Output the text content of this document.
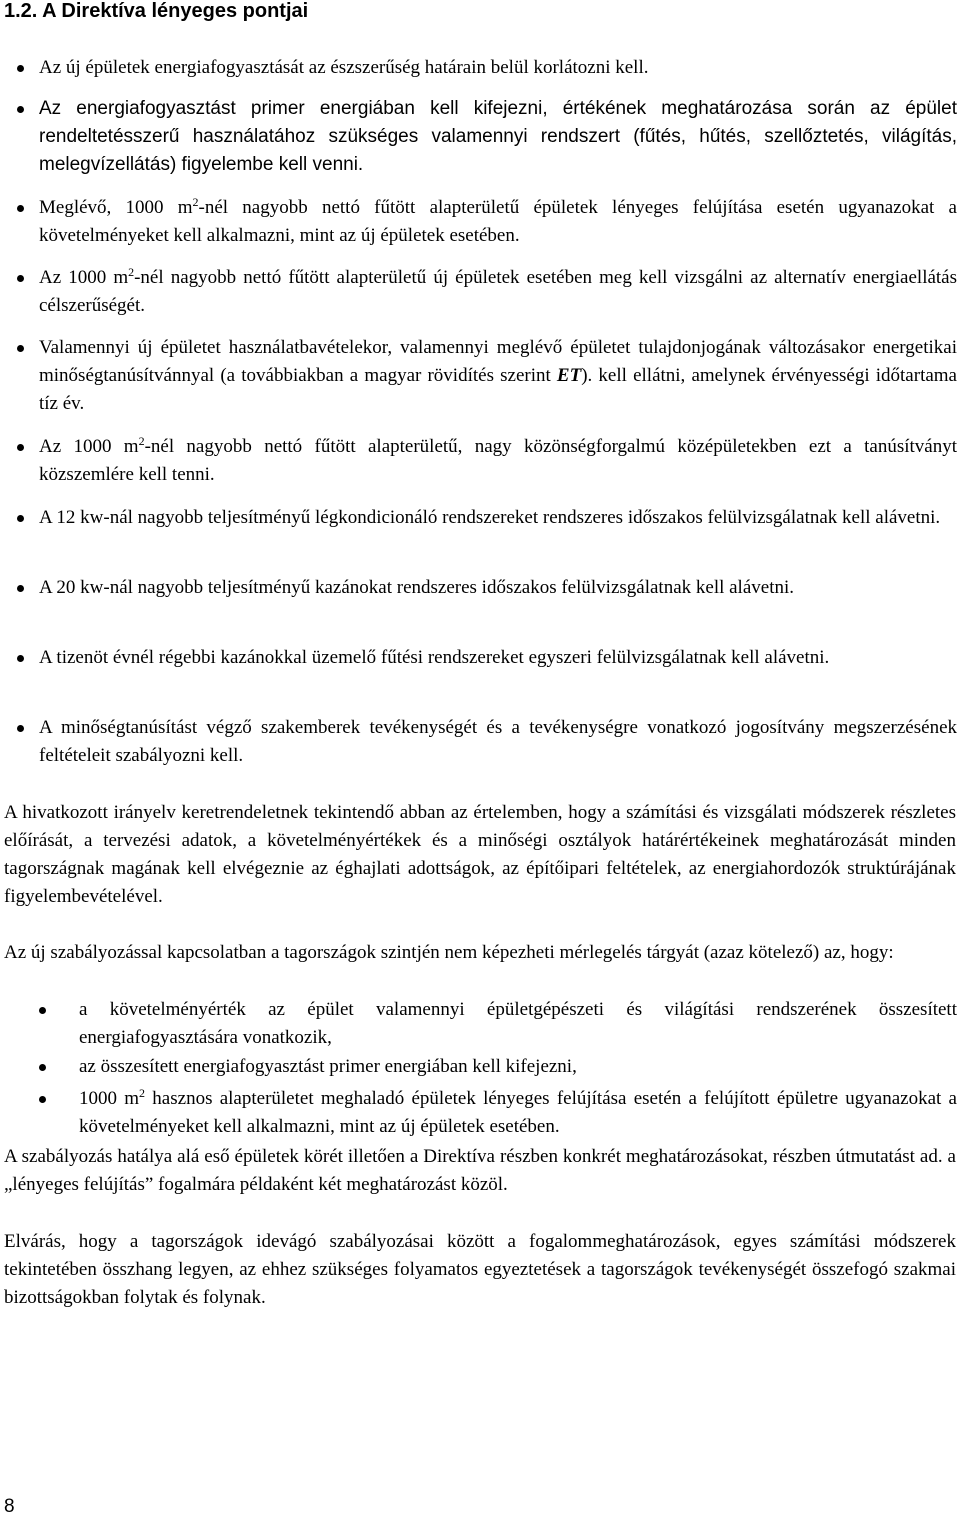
1.2. A Direktíva lényeges pontjai
Az új épületek energiafogyasztását az észszerűség határain belül korlátozni kell.
Az energiafogyasztást primer energiában kell kifejezni, értékének meghatározása során az épület rendeltetésszerű használatához szükséges valamennyi rendszert (fűtés, hűtés, szellőztetés, világítás, melegvízellátás) figyelembe kell venni.
Meglévő, 1000 $m^2$-nél nagyobb nettó fűtött alapterületű épületek lényeges felújítása esetén ugyanazokat a követelményeket kell alkalmazni, mint az új épületek esetében.
Az 1000 $m^2$-nél nagyobb nettó fűtött alapterületű új épületek esetében meg kell vizsgálni az alternatív energiaellátás célszerűségét.
Valamennyi új épületet használatbavételekor, valamennyi meglévő épületet tulajdonjogának változásakor energetikai minőségtanúsítvánnyal (a továbbiakban a magyar rövidítés szerint ET). kell ellátni, amelynek érvényességi időtartama tíz év.
Az 1000 $m^2$-nél nagyobb nettó fűtött alapterületű, nagy közönségforgalmú középületekben ezt a tanúsítványt közszemlére kell tenni.
A 12 kw-nál nagyobb teljesítményű légkondicionáló rendszereket rendszeres időszakos felülvizsgálatnak kell alávetni.
A 20 kw-nál nagyobb teljesítményű kazánokat rendszeres időszakos felülvizsgálatnak kell alávetni.
A tizenöt évnél régebbi kazánokkal üzemelő fűtési rendszereket egyszeri felülvizsgálatnak kell alávetni.
A minőségtanúsítást végző szakemberek tevékenységét és a tevékenységre vonatkozó jogosítvány megszerzésének feltételeit szabályozni kell.

A hivatkozott irányelv keretrendeletnek tekintendő abban az értelemben, hogy a számítási és vizsgálati módszerek részletes előírását, a tervezési adatok, a követelményértékek és a minőségi osztályok határértékeinek meghatározását minden tagországnak magának kell elvégeznie az éghajlati adottságok, az építőipari feltételek, az energiahordozók struktúrájának figyelembevételével.

Az új szabályozással kapcsolatban a tagországok szintjén nem képezheti mérlegelés tárgyát (azaz kötelező) az, hogy:

a követelményérték az épület valamennyi épületgépészeti és világítási rendszerének összesített energiafogyasztására vonatkozik,
az összesített energiafogyasztást primer energiában kell kifejezni,
1000 $m^2$ hasznos alapterületet meghaladó épületek lényeges felújítása esetén a felújított épületre ugyanazokat a követelményeket kell alkalmazni, mint az új épületek esetében.

A szabályozás hatálya alá eső épületek körét illetően a Direktíva részben konkrét meghatározásokat, részben útmutatást ad. a „lényeges felújítás” fogalmára példaként két meghatározást közöl.

Elvárás, hogy a tagországok idevágó szabályozásai között a fogalommeghatározások, egyes számítási módszerek tekintetében összhang legyen, az ehhez szükséges folyamatos egyeztetések a tagországok tevékenységét összefogó szakmai bizottságokban folytak és folynak.

8
